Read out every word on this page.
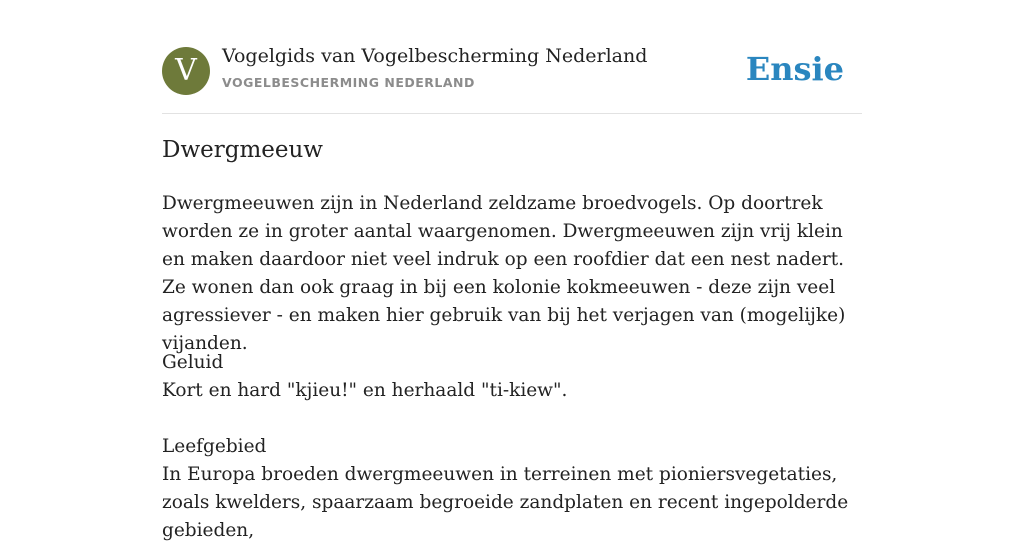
V	Vogelgids van Vogelbescherming Nederland
VOGELBESCHERMING NEDERLAND	Ensie
Dwergmeeuw

Dwergmeeuwen zijn in Nederland zeldzame broedvogels. Op doortrek worden ze in groter aantal waargenomen. Dwergmeeuwen zijn vrij klein en maken daardoor niet veel indruk op een roofdier dat een nest nadert. Ze wonen dan ook graag in bij een kolonie kokmeeuwen - deze zijn veel agressiever - en maken hier gebruik van bij het verjagen van (mogelijke) vijanden.

Geluid
Kort en hard "kjieu!" en herhaald "ti-kiew".

Leefgebied
In Europa broeden dwergmeeuwen in terreinen met pioniersvegetaties, zoals kwelders, spaarzaam begroeide zandplaten en recent ingepolderde gebieden,
